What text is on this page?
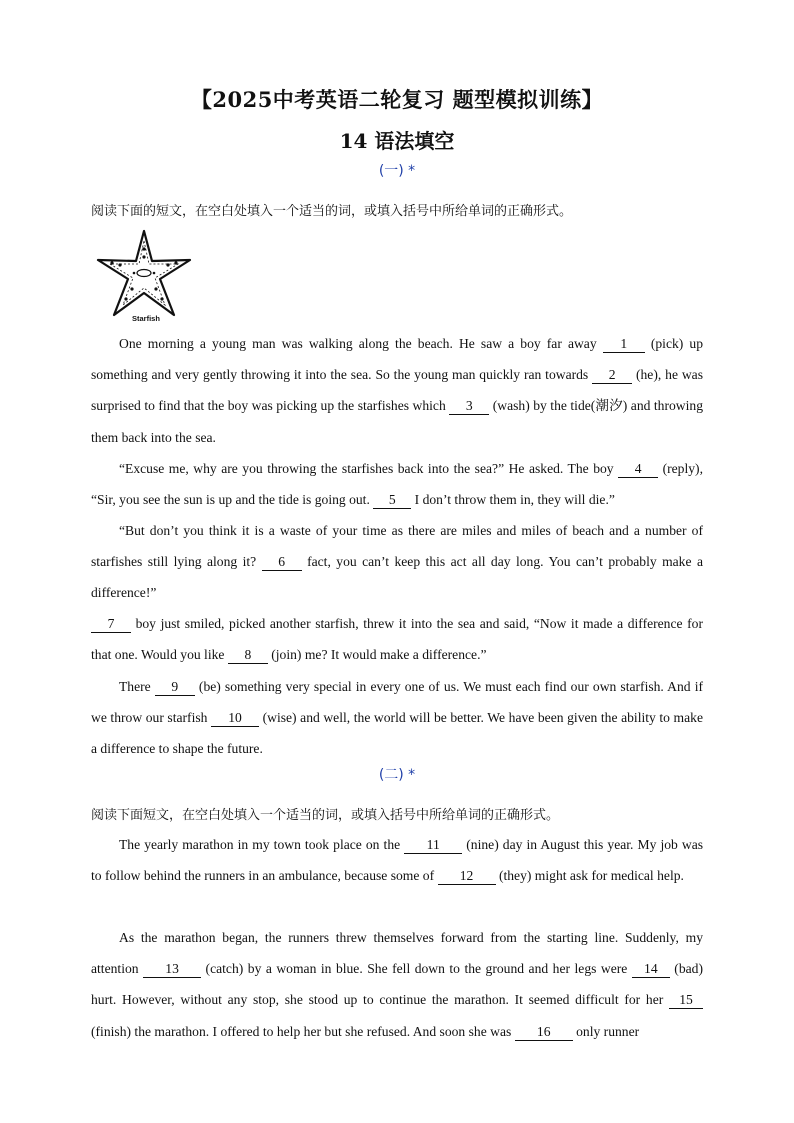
【2025中考英语二轮复习 题型模拟训练】
14 语法填空
(一) *
阅读下面的短文，在空白处填入一个适当的词，或填入括号中所给单词的正确形式。
Starfish
One morning a young man was walking along the beach. He saw a boy far away 1 (pick) up something and very gently throwing it into the sea. So the young man quickly ran towards 2 (he), he was surprised to find that the boy was picking up the starfishes which 3 (wash) by the tide(潮汐) and throwing them back into the sea.
“Excuse me, why are you throwing the starfishes back into the sea?” He asked. The boy 4 (reply), “Sir, you see the sun is up and the tide is going out. 5 I don’t throw them in, they will die.”
“But don’t you think it is a waste of your time as there are miles and miles of beach and a number of starfishes still lying along it? 6 fact, you can’t keep this act all day long. You can’t probably make a difference!”
7 boy just smiled, picked another starfish, threw it into the sea and said, “Now it made a difference for that one. Would you like 8 (join) me? It would make a difference.”
There 9 (be) something very special in every one of us. We must each find our own starfish. And if we throw our starfish 10 (wise) and well, the world will be better. We have been given the ability to make a difference to shape the future.
(二) *
阅读下面短文，在空白处填入一个适当的词，或填入括号中所给单词的正确形式。
The yearly marathon in my town took place on the 11 (nine) day in August this year. My job was to follow behind the runners in an ambulance, because some of 12 (they) might ask for medical help.
As the marathon began, the runners threw themselves forward from the starting line. Suddenly, my attention 13 (catch) by a woman in blue. She fell down to the ground and her legs were 14 (bad) hurt. However, without any stop, she stood up to continue the marathon. It seemed difficult for her 15 (finish) the marathon. I offered to help her but she refused. And soon she was 16 only runner
